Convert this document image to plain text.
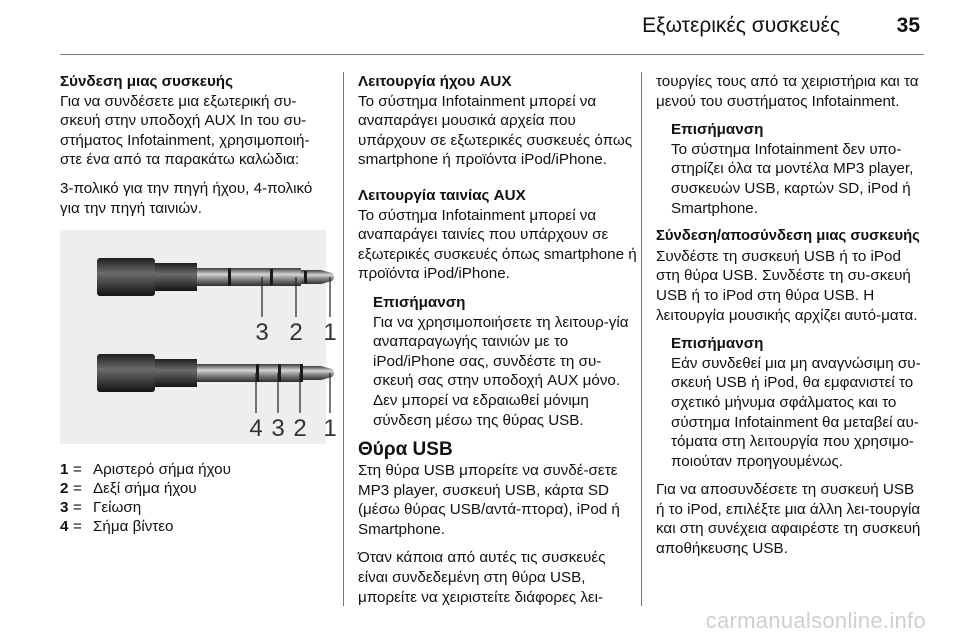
Εξωτερικές συσκευές	35
Σύνδεση μιας συσκευής
Για να συνδέσετε μια εξωτερική συ-σκευή στην υποδοχή AUX In του συ-στήματος Infotainment, χρησιμοποιή-στε ένα από τα παρακάτω καλώδια:
3-πολικό για την πηγή ήχου, 4-πολικό για την πηγή ταινιών.
3 2 1
4 3 2 1
1 = Αριστερό σήμα ήχου
2 = Δεξί σήμα ήχου
3 = Γείωση
4 = Σήμα βίντεο
Λειτουργία ήχου AUX
Το σύστημα Infotainment μπορεί να αναπαράγει μουσικά αρχεία που υπάρχουν σε εξωτερικές συσκευές όπως smartphone ή προϊόντα iPod/iPhone.
Λειτουργία ταινίας AUX
Το σύστημα Infotainment μπορεί να αναπαράγει ταινίες που υπάρχουν σε εξωτερικές συσκευές όπως smartphone ή προϊόντα iPod/iPhone.
Επισήμανση
Για να χρησιμοποιήσετε τη λειτουρ-γία αναπαραγωγής ταινιών με το iPod/iPhone σας, συνδέστε τη συ-σκευή σας στην υποδοχή AUX μόνο. Δεν μπορεί να εδραιωθεί μόνιμη σύνδεση μέσω της θύρας USB.
Θύρα USB
Στη θύρα USB μπορείτε να συνδέ-σετε MP3 player, συσκευή USB, κάρτα SD (μέσω θύρας USB/αντά-πτορα), iPod ή Smartphone.
Όταν κάποια από αυτές τις συσκευές είναι συνδεδεμένη στη θύρα USB, μπορείτε να χειριστείτε διάφορες λει-
τουργίες τους από τα χειριστήρια και τα μενού του συστήματος Infotainment.
Επισήμανση
Το σύστημα Infotainment δεν υπο-στηρίζει όλα τα μοντέλα MP3 player, συσκευών USB, καρτών SD, iPod ή Smartphone.
Σύνδεση/αποσύνδεση μιας συσκευής
Συνδέστε τη συσκευή USB ή το iPod στη θύρα USB. Συνδέστε τη συ-σκευή USB ή το iPod στη θύρα USB. Η λειτουργία μουσικής αρχίζει αυτό-ματα.
Επισήμανση
Εάν συνδεθεί μια μη αναγνώσιμη συ-σκευή USB ή iPod, θα εμφανιστεί το σχετικό μήνυμα σφάλματος και το σύστημα Infotainment θα μεταβεί αυ-τόματα στη λειτουργία που χρησιμο-ποιούταν προηγουμένως.
Για να αποσυνδέσετε τη συσκευή USB ή το iPod, επιλέξτε μια άλλη λει-τουργία και στη συνέχεια αφαιρέστε τη συσκευή αποθήκευσης USB.
carmanualsonline.info
